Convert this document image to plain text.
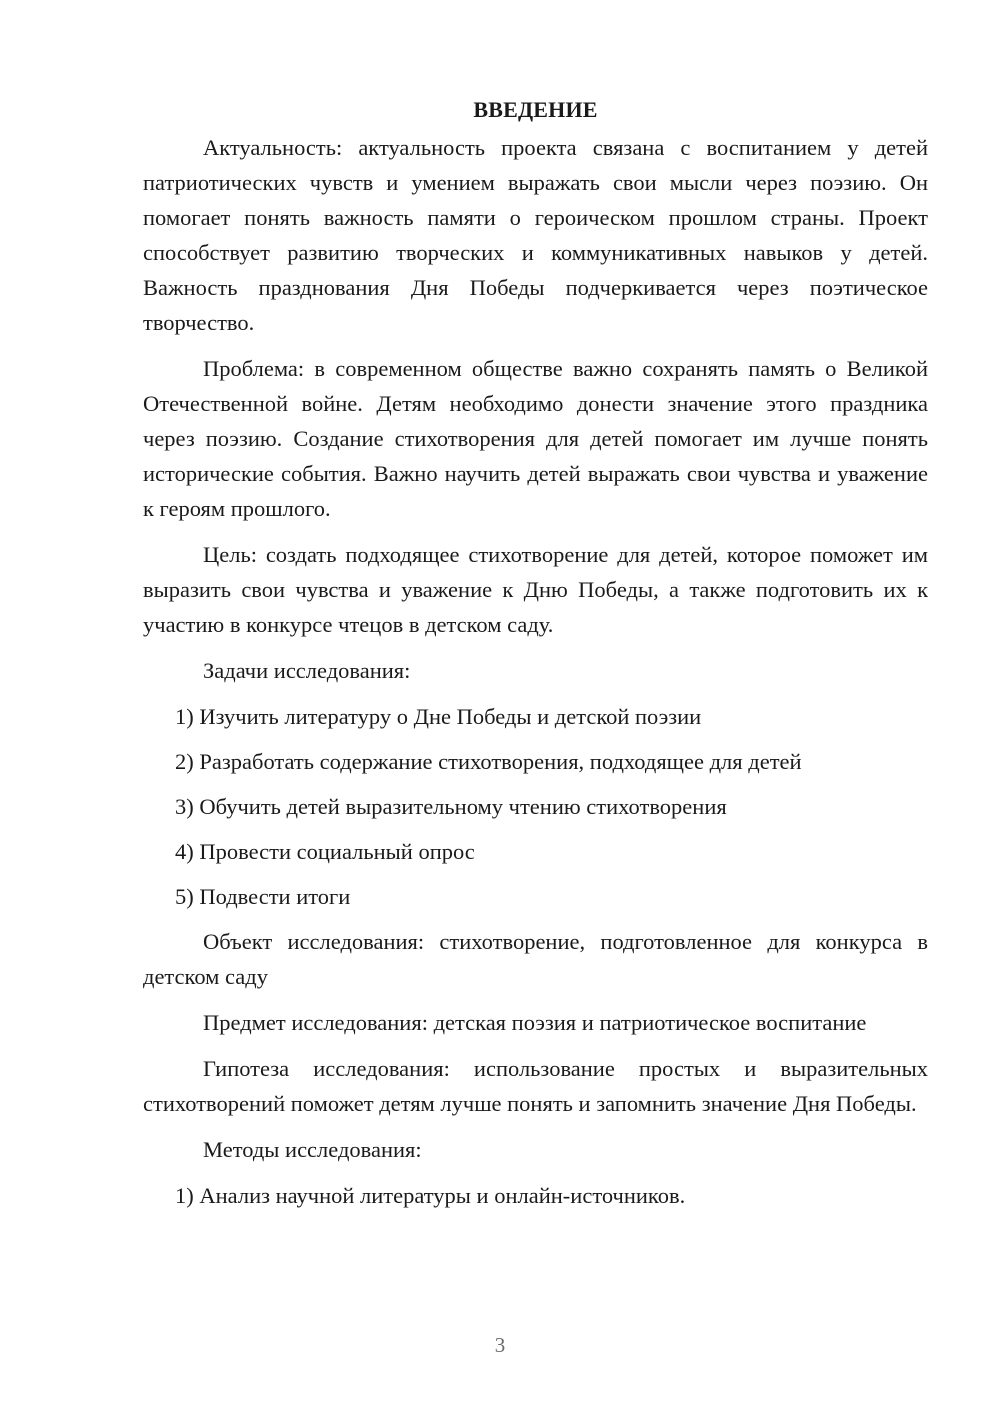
ВВЕДЕНИЕ

Актуальность: актуальность проекта связана с воспитанием у детей патриотических чувств и умением выражать свои мысли через поэзию. Он помогает понять важность памяти о героическом прошлом страны. Проект способствует развитию творческих и коммуникативных навыков у детей. Важность празднования Дня Победы подчеркивается через поэтическое творчество.

Проблема: в современном обществе важно сохранять память о Великой Отечественной войне. Детям необходимо донести значение этого праздника через поэзию. Создание стихотворения для детей помогает им лучше понять исторические события. Важно научить детей выражать свои чувства и уважение к героям прошлого.

Цель: создать подходящее стихотворение для детей, которое поможет им выразить свои чувства и уважение к Дню Победы, а также подготовить их к участию в конкурсе чтецов в детском саду.

Задачи исследования:

1) Изучить литературу о Дне Победы и детской поэзии
2) Разработать содержание стихотворения, подходящее для детей
3) Обучить детей выразительному чтению стихотворения
4) Провести социальный опрос
5) Подвести итоги

Объект исследования: стихотворение, подготовленное для конкурса в детском саду

Предмет исследования: детская поэзия и патриотическое воспитание

Гипотеза исследования: использование простых и выразительных стихотворений поможет детям лучше понять и запомнить значение Дня Победы.

Методы исследования:

1) Анализ научной литературы и онлайн-источников.
3
